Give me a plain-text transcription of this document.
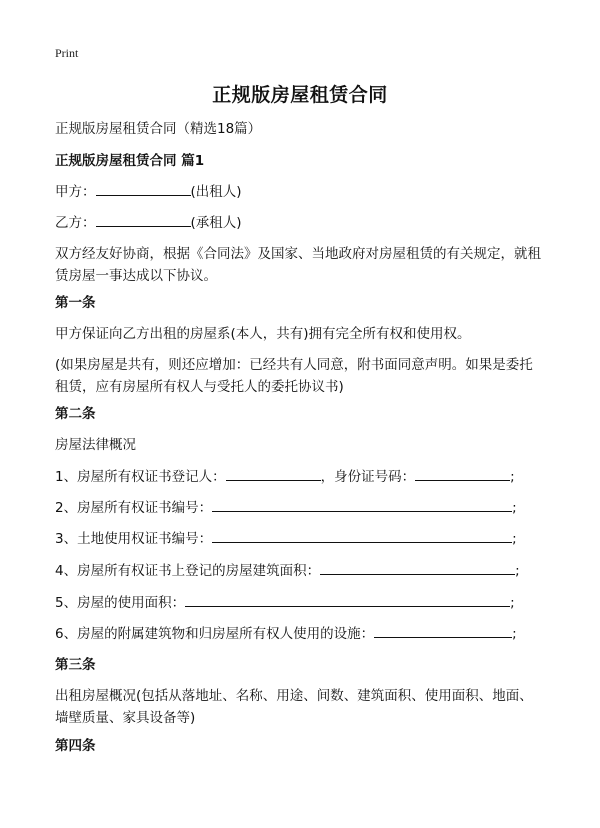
Print
正规版房屋租赁合同
正规版房屋租赁合同（精选18篇）
正规版房屋租赁合同 篇1
甲方：	(出租人)
乙方：	(承租人)
双方经友好协商，根据《合同法》及国家、当地政府对房屋租赁的有关规定，就租赁房屋一事达成以下协议。
第一条
甲方保证向乙方出租的房屋系(本人，共有)拥有完全所有权和使用权。
(如果房屋是共有，则还应增加：已经共有人同意，附书面同意声明。如果是委托租赁，应有房屋所有权人与受托人的委托协议书)
第二条
房屋法律概况
1、房屋所有权证书登记人：	，身份证号码：	;
2、房屋所有权证书编号：	;
3、土地使用权证书编号：	;
4、房屋所有权证书上登记的房屋建筑面积：	;
5、房屋的使用面积：	;
6、房屋的附属建筑物和归房屋所有权人使用的设施：	;
第三条
出租房屋概况(包括从落地址、名称、用途、间数、建筑面积、使用面积、地面、墙壁质量、家具设备等)
第四条
